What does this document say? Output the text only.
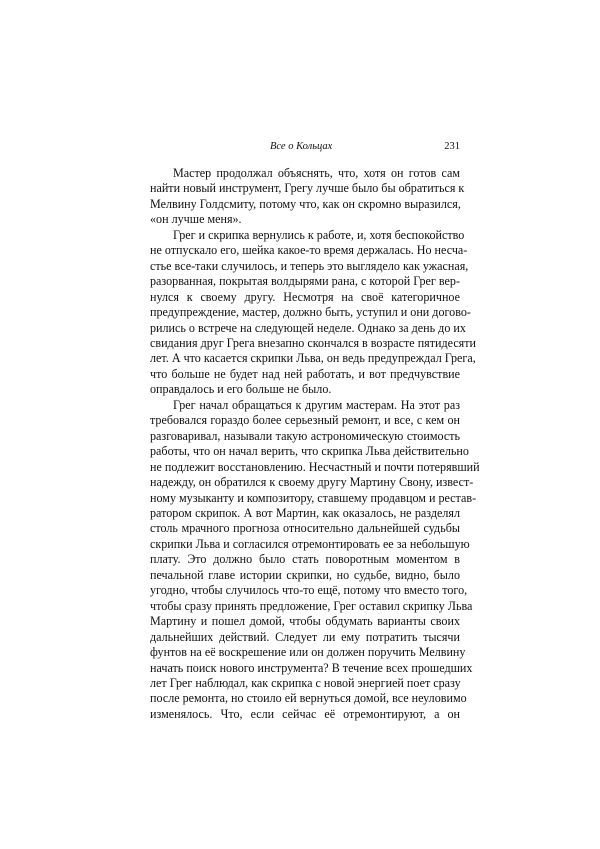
Все о Кольцах	231
Мастер продолжал объяснять, что, хотя он готов сам
найти новый инструмент, Грегу лучше было бы обратиться к
Мелвину Голдсмиту, потому что, как он скромно выразился,
«он лучше меня».
Грег и скрипка вернулись к работе, и, хотя беспокойство
не отпускало его, шейка какое-то время держалась. Но несча-
стье все-таки случилось, и теперь это выглядело как ужасная,
разорванная, покрытая волдырями рана, с которой Грег вер-
нулся к своему другу. Несмотря на своё категоричное
предупреждение, мастер, должно быть, уступил и они догово-
рились о встрече на следующей неделе. Однако за день до их
свидания друг Грега внезапно скончался в возрасте пятидесяти
лет. А что касается скрипки Льва, он ведь предупреждал Грега,
что больше не будет над ней работать, и вот предчувствие
оправдалось и его больше не было.
Грег начал обращаться к другим мастерам. На этот раз
требовался гораздо более серьезный ремонт, и все, с кем он
разговаривал, называли такую астрономическую стоимость
работы, что он начал верить, что скрипка Льва действительно
не подлежит восстановлению. Несчастный и почти потерявший
надежду, он обратился к своему другу Мартину Свону, извест-
ному музыканту и композитору, ставшему продавцом и рестав-
ратором скрипок. А вот Мартин, как оказалось, не разделял
столь мрачного прогноза относительно дальнейшей судьбы
скрипки Льва и согласился отремонтировать ее за небольшую
плату. Это должно было стать поворотным моментом в
печальной главе истории скрипки, но судьбе, видно, было
угодно, чтобы случилось что-то ещё, потому что вместо того,
чтобы сразу принять предложение, Грег оставил скрипку Льва
Мартину и пошел домой, чтобы обдумать варианты своих
дальнейших действий. Следует ли ему потратить тысячи
фунтов на её воскрешение или он должен поручить Мелвину
начать поиск нового инструмента? В течение всех прошедших
лет Грег наблюдал, как скрипка с новой энергией поет сразу
после ремонта, но стоило ей вернуться домой, все неуловимо
изменялось. Что, если сейчас её отремонтируют, а он
